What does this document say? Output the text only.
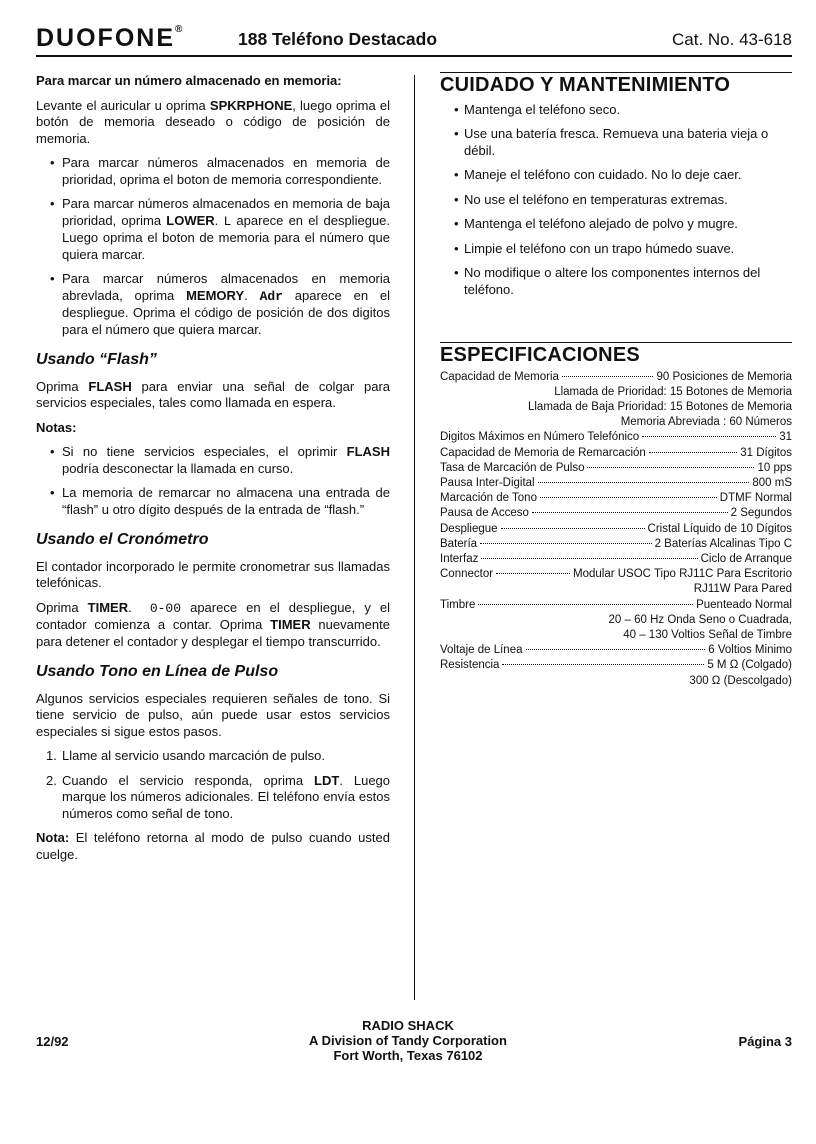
DUOFONE®	188 Teléfono Destacado	Cat. No. 43-618

Para marcar un número almacenado en memoria:

Levante el auricular u oprima SPKRPHONE, luego oprima el botón de memoria deseado o código de posición de memoria.

• Para marcar números almacenados en memoria de prioridad, oprima el boton de memoria correspondiente.
• Para marcar números almacenados en memoria de baja prioridad, oprima LOWER. L aparece en el despliegue. Luego oprima el boton de memoria para el número que quiera marcar.
• Para marcar números almacenados en memoria abrevlada, oprima MEMORY. Adr aparece en el despliegue. Oprima el código de posición de dos digitos para el número que quiera marcar.
Usando “Flash”

Oprima FLASH para enviar una señal de colgar para servicios especiales, tales como llamada en espera.

Notas:

• Si no tiene servicios especiales, el oprimir FLASH podría desconectar la llamada en curso.
• La memoria de remarcar no almacena una entrada de “flash” u otro dígito después de la entrada de “flash.”
Usando el Cronómetro

El contador incorporado le permite cronometrar sus llamadas telefónicas.

Oprima TIMER.  0-00 aparece en el despliegue, y el contador comienza a contar. Oprima TIMER nuevamente para detener el contador y desplegar el tiempo transcurrido.

Usando Tono en Línea de Pulso

Algunos servicios especiales requieren señales de tono. Si tiene servicio de pulso, aún puede usar estos servicios especiales si sigue estos pasos.

1. Llame al servicio usando marcación de pulso.
2. Cuando el servicio responda, oprima LDT. Luego marque los números adicionales. El teléfono envía estos números como señal de tono.

Nota: El teléfono retorna al modo de pulso cuando usted cuelge.

CUIDADO Y MANTENIMIENTO
• Mantenga el teléfono seco.
• Use una batería fresca. Remueva una bateria vieja o débil.
• Maneje el teléfono con cuidado. No lo deje caer.
• No use el teléfono en temperaturas extremas.
• Mantenga el teléfono alejado de polvo y mugre.
• Limpie el teléfono con un trapo húmedo suave.
• No modifique o altere los componentes internos del teléfono.
ESPECIFICACIONES
Capacidad de Memoria	90 Posiciones de Memoria
Llamada de Prioridad: 15 Botones de Memoria
Llamada de Baja Prioridad: 15 Botones de Memoria
Memoria Abreviada : 60 Números
Digitos Máximos en Número Telefónico	31
Capacidad de Memoria de Remarcación	31 Dígitos
Tasa de Marcación de Pulso	10 pps
Pausa Inter-Digital	800 mS
Marcación de Tono	DTMF Normal
Pausa de Acceso	2 Segundos
Despliegue	Cristal Líquido de 10 Dígitos
Batería	2 Baterías Alcalinas Tipo C
Interfaz	Ciclo de Arranque
Connector	Modular USOC Tipo RJ11C Para Escritorio
RJ11W Para Pared
Timbre	Puenteado Normal
20 – 60 Hz Onda Seno o Cuadrada,
40 – 130 Voltios Señal de Timbre
Voltaje de Línea	6 Voltios Minimo
Resistencia	5 M Ω (Colgado)
300 Ω (Descolgado)
12/92
RADIO SHACK
A Division of Tandy Corporation
Fort Worth, Texas 76102
Página 3
